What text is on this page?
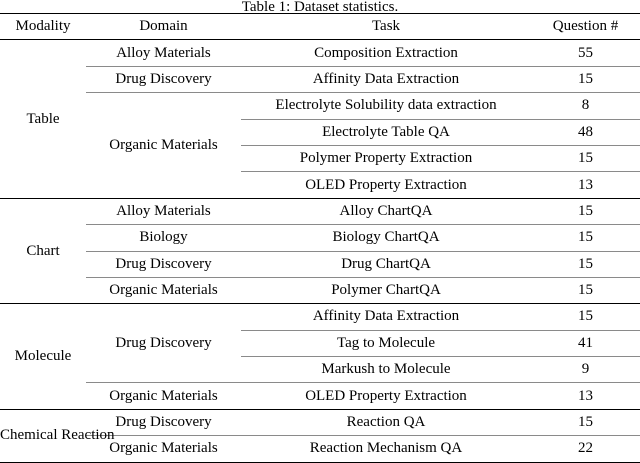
Table 1: Dataset statistics.
Modality	Domain	Task	Question #
Table	Alloy Materials	Composition Extraction	55
	Drug Discovery	Affinity Data Extraction	15
	Organic Materials	Electrolyte Solubility data extraction	8
		Electrolyte Table QA	48
		Polymer Property Extraction	15
		OLED Property Extraction	13
Chart	Alloy Materials	Alloy ChartQA	15
	Biology	Biology ChartQA	15
	Drug Discovery	Drug ChartQA	15
	Organic Materials	Polymer ChartQA	15
Molecule	Drug Discovery	Affinity Data Extraction	15
		Tag to Molecule	41
		Markush to Molecule	9
	Organic Materials	OLED Property Extraction	13
Chemical Reaction	Drug Discovery	Reaction QA	15
	Organic Materials	Reaction Mechanism QA	22
